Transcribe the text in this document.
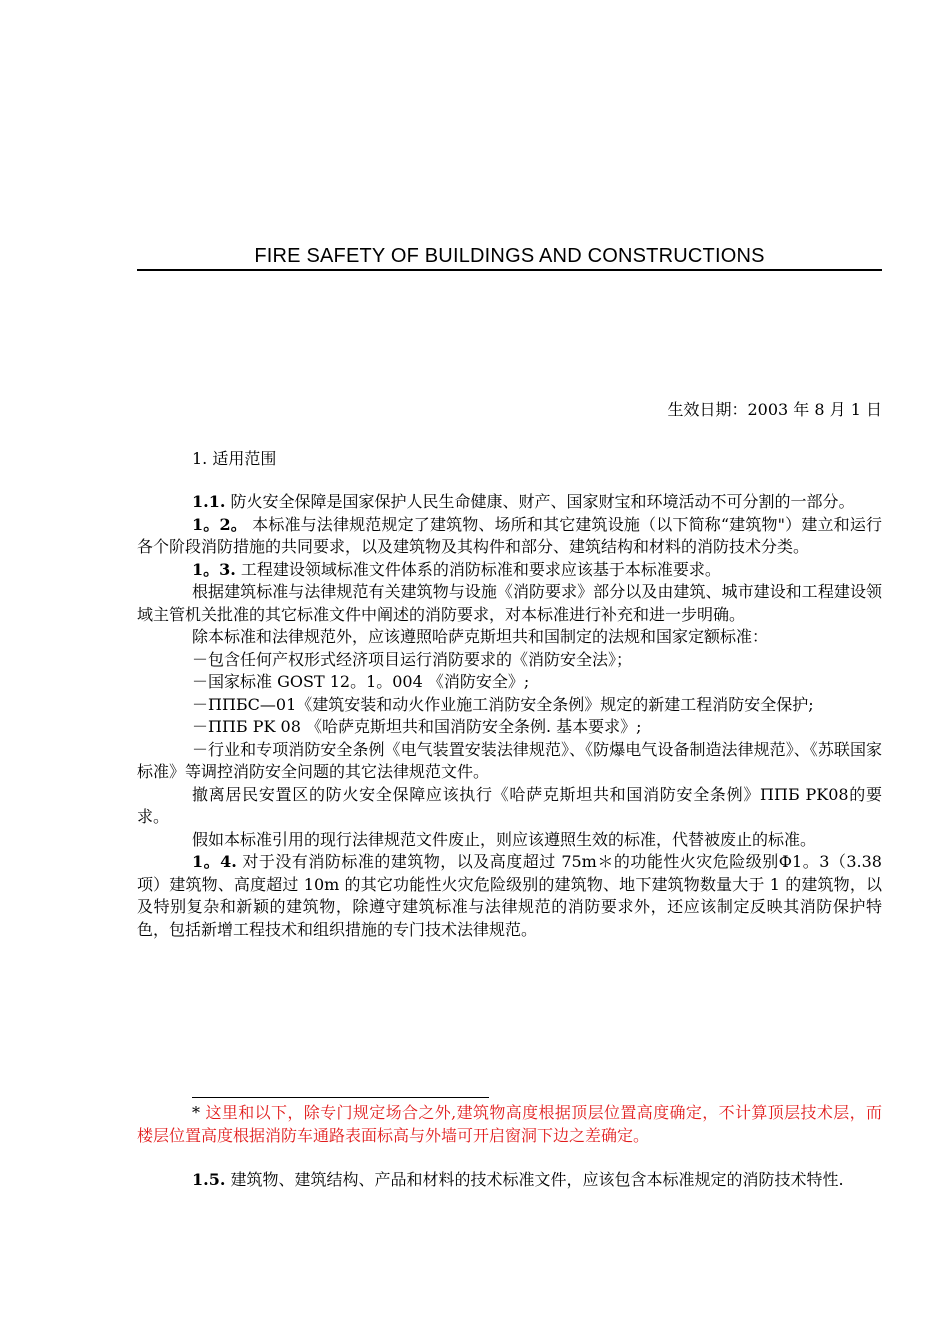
FIRE SAFETY OF BUILDINGS AND CONSTRUCTIONS
生效日期：2003 年 8 月 1 日
1. 适用范围

1.1. 防火安全保障是国家保护人民生命健康、财产、国家财宝和环境活动不可分割的一部分。

1。2。 本标准与法律规范规定了建筑物、场所和其它建筑设施（以下简称“建筑物"）建立和运行各个阶段消防措施的共同要求，以及建筑物及其构件和部分、建筑结构和材料的消防技术分类。

1。3. 工程建设领域标准文件体系的消防标准和要求应该基于本标准要求。

根据建筑标准与法律规范有关建筑物与设施《消防要求》部分以及由建筑、城市建设和工程建设领域主管机关批准的其它标准文件中阐述的消防要求，对本标准进行补充和进一步明确。

除本标准和法律规范外，应该遵照哈萨克斯坦共和国制定的法规和国家定额标准：

－包含任何产权形式经济项目运行消防要求的《消防安全法》；

－国家标准 GOST 12。1。004 《消防安全》;

－ППБС—01《建筑安装和动火作业施工消防安全条例》规定的新建工程消防安全保护;

－ППБ PK 08 《哈萨克斯坦共和国消防安全条例. 基本要求》;

－行业和专项消防安全条例《电气装置安装法律规范》、《防爆电气设备制造法律规范》、《苏联国家标准》等调控消防安全问题的其它法律规范文件。

撤离居民安置区的防火安全保障应该执行《哈萨克斯坦共和国消防安全条例》ППБ PK08的要求。

假如本标准引用的现行法律规范文件废止，则应该遵照生效的标准，代替被废止的标准。

1。4. 对于没有消防标准的建筑物，以及高度超过 75m＊的功能性火灾危险级别Ф1。3（3.38 项）建筑物、高度超过 10m 的其它功能性火灾危险级别的建筑物、地下建筑物数量大于 1 的建筑物，以及特别复杂和新颖的建筑物，除遵守建筑标准与法律规范的消防要求外，还应该制定反映其消防保护特色，包括新增工程技术和组织措施的专门技术法律规范。

* 这里和以下，除专门规定场合之外,建筑物高度根据顶层位置高度确定，不计算顶层技术层，而楼层位置高度根据消防车通路表面标高与外墙可开启窗洞下边之差确定。

1.5. 建筑物、建筑结构、产品和材料的技术标准文件，应该包含本标准规定的消防技术特性.
